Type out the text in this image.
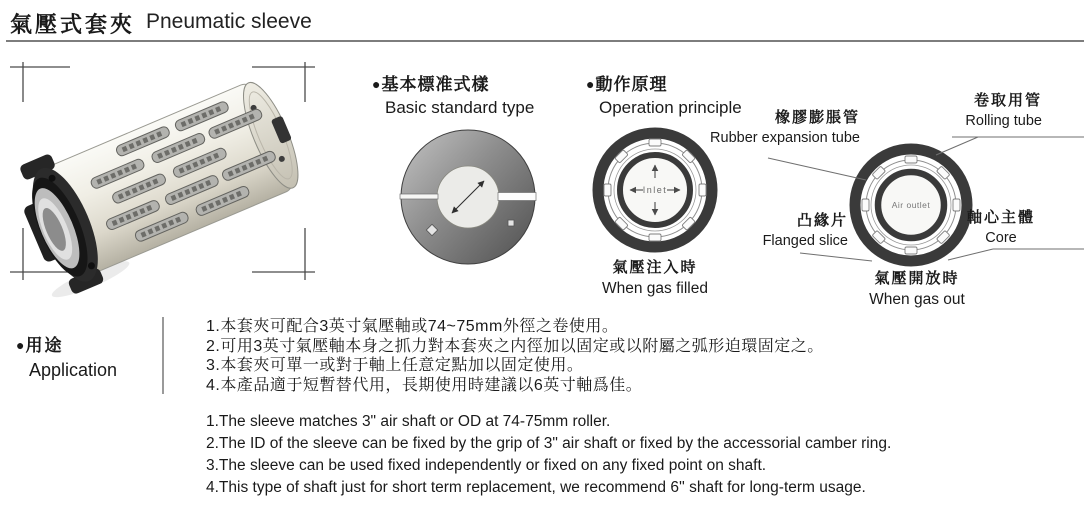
氣壓式套夾 Pneumatic sleeve
●基本標准式樣
Basic standard type
●動作原理
Operation principle
Inlet
氣壓注入時
When gas filled
Air outlet
氣壓開放時
When gas out
橡膠膨脹管
Rubber expansion tube
卷取用管
Rolling tube
凸緣片
Flanged slice
軸心主體
Core
●用途
Application
1.本套夾可配合3英寸氣壓軸或74~75mm外徑之卷使用。
2.可用3英寸氣壓軸本身之抓力對本套夾之内徑加以固定或以附屬之弧形迫環固定之。
3.本套夾可單一或對于軸上任意定點加以固定使用。
4.本產品適于短暫替代用，長期使用時建議以6英寸軸爲佳。
1.The sleeve matches 3" air shaft or OD at 74-75mm roller.
2.The ID of the sleeve can be fixed by the grip of 3" air shaft or fixed by the accessorial camber ring.
3.The sleeve can be used fixed independently or fixed on any fixed point on shaft.
4.This type of shaft just for short term replacement, we recommend 6'' shaft for long-term usage.
